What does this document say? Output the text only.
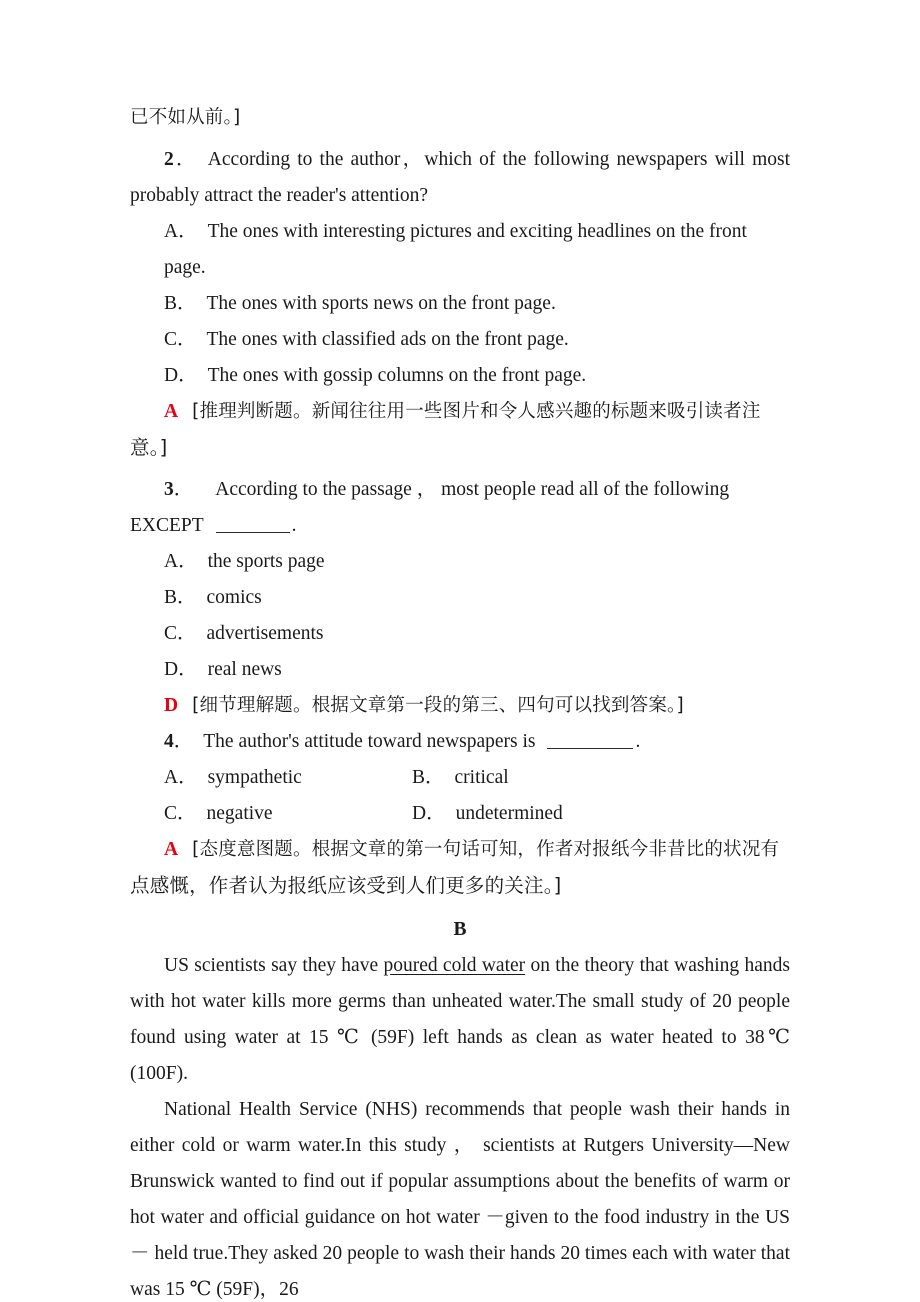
已不如从前。]
2． According to the author，which of the following newspapers will most probably attract the reader's attention?
A． The ones with interesting pictures and exciting headlines on the front page.
B． The ones with sports news on the front page.
C． The ones with classified ads on the front page.
D． The ones with gossip columns on the front page.
A [推理判断题。新闻往往用一些图片和令人感兴趣的标题来吸引读者注
意。]
3． According to the passage ， most people read all of the following
EXCEPT	.
A． the sports page
B． comics
C． advertisements
D． real news
D [细节理解题。根据文章第一段的第三、四句可以找到答案。]
4． The author's attitude toward newspapers is	.
A． sympathetic	B． critical
C． negative	D． undetermined
A [态度意图题。根据文章的第一句话可知，作者对报纸今非昔比的状况有
点感慨，作者认为报纸应该受到人们更多的关注。]
B
US scientists say they have poured cold water on the theory that washing hands with hot water kills more germs than unheated water.The small study of 20 people found using water at 15 ℃ (59F) left hands as clean as water heated to 38℃ (100F).
National Health Service (NHS) recommends that people wash their hands in either cold or warm water.In this study ， scientists at Rutgers University—New Brunswick wanted to find out if popular assumptions about the benefits of warm or hot water and official guidance on hot water －given to the food industry in the US － held true.They asked 20 people to wash their hands 20 times each with water that was 15 ℃ (59F)，26
